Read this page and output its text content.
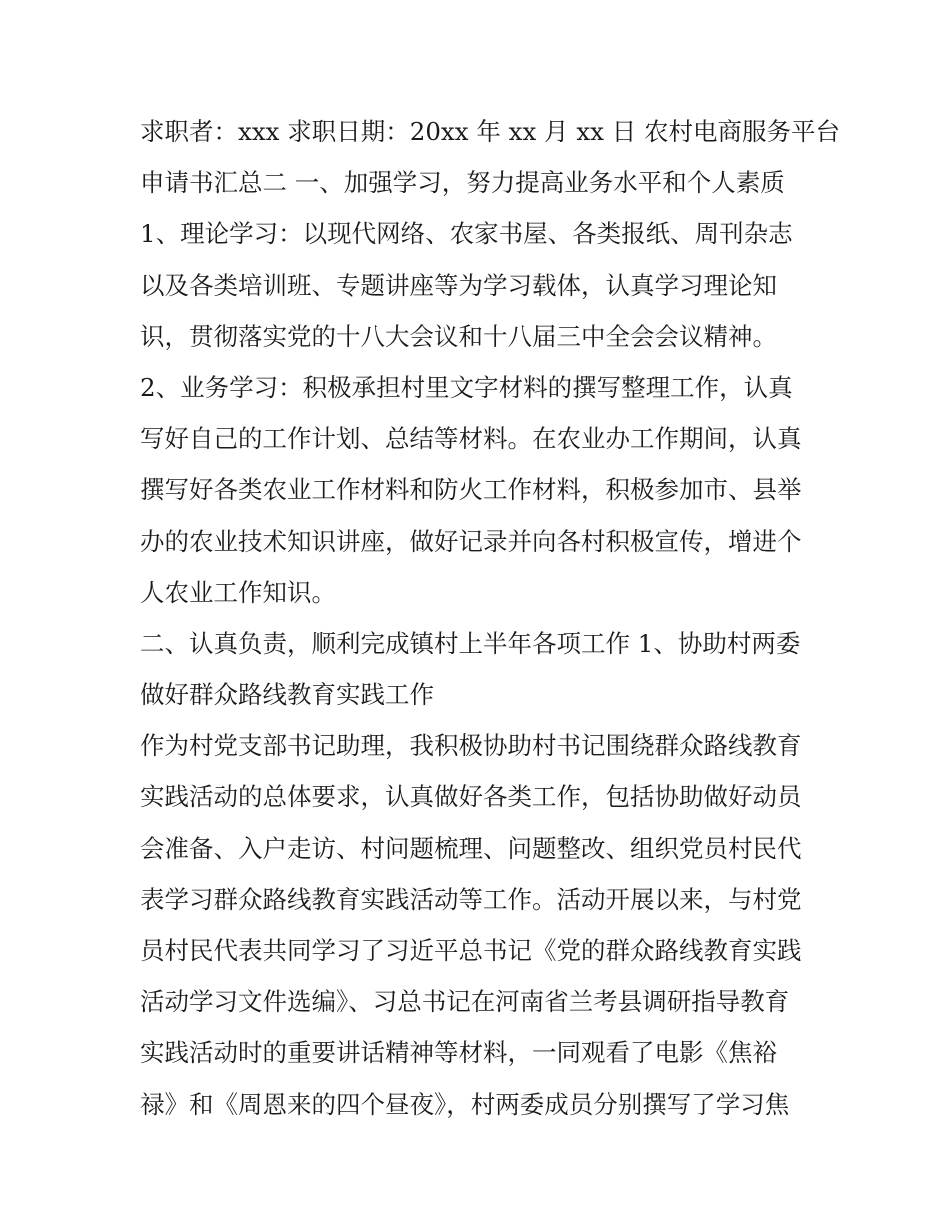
求职者：xxx 求职日期：20xx 年 xx 月 xx 日 农村电商服务平台
申请书汇总二 一、加强学习，努力提高业务水平和个人素质
1、理论学习：以现代网络、农家书屋、各类报纸、周刊杂志
以及各类培训班、专题讲座等为学习载体，认真学习理论知
识，贯彻落实党的十八大会议和十八届三中全会会议精神。
2、业务学习：积极承担村里文字材料的撰写整理工作，认真
写好自己的工作计划、总结等材料。在农业办工作期间，认真
撰写好各类农业工作材料和防火工作材料，积极参加市、县举
办的农业技术知识讲座，做好记录并向各村积极宣传，增进个
人农业工作知识。
二、认真负责，顺利完成镇村上半年各项工作 1、协助村两委
做好群众路线教育实践工作
作为村党支部书记助理，我积极协助村书记围绕群众路线教育
实践活动的总体要求，认真做好各类工作，包括协助做好动员
会准备、入户走访、村问题梳理、问题整改、组织党员村民代
表学习群众路线教育实践活动等工作。活动开展以来，与村党
员村民代表共同学习了习近平总书记《党的群众路线教育实践
活动学习文件选编》、习总书记在河南省兰考县调研指导教育
实践活动时的重要讲话精神等材料，一同观看了电影《焦裕
禄》和《周恩来的四个昼夜》，村两委成员分别撰写了学习焦
